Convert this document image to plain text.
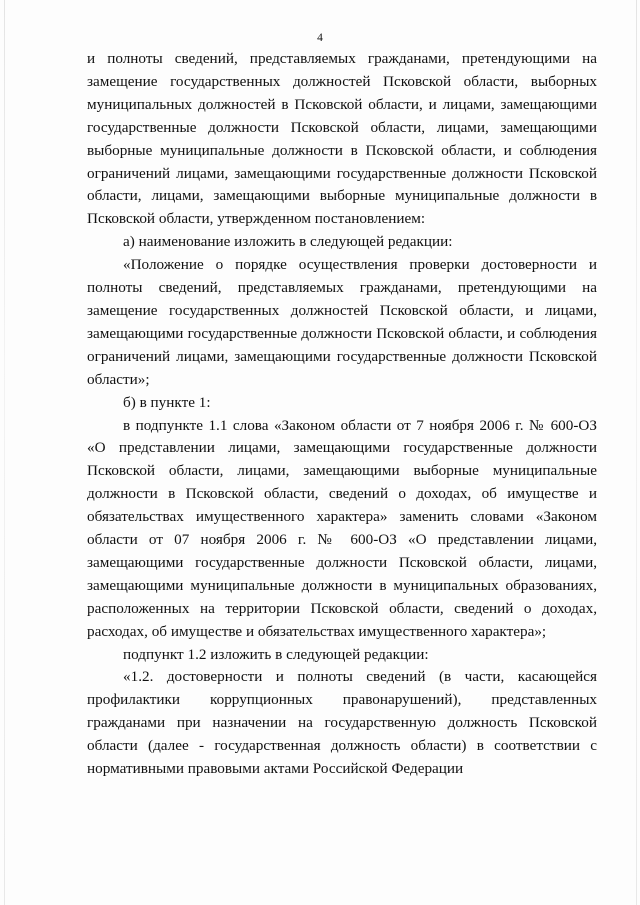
4

и полноты сведений, представляемых гражданами, претендующими на замещение государственных должностей Псковской области, выборных муниципальных должностей в Псковской области, и лицами, замещающими государственные должности Псковской области, лицами, замещающими выборные муниципальные должности в Псковской области, и соблюдения ограничений лицами, замещающими государственные должности Псковской области, лицами, замещающими выборные муниципальные должности в Псковской области, утвержденном постановлением:

а) наименование изложить в следующей редакции:

«Положение о порядке осуществления проверки достоверности и полноты сведений, представляемых гражданами, претендующими на замещение государственных должностей Псковской области, и лицами, замещающими государственные должности Псковской области, и соблюдения ограничений лицами, замещающими государственные должности Псковской области»;

б) в пункте 1:

в подпункте 1.1 слова «Законом области от 7 ноября 2006 г. № 600-ОЗ «О представлении лицами, замещающими государственные должности Псковской области, лицами, замещающими выборные муниципальные должности в Псковской области, сведений о доходах, об имуществе и обязательствах имущественного характера» заменить словами «Законом области от 07 ноября 2006 г. № 600-ОЗ «О представлении лицами, замещающими государственные должности Псковской области, лицами, замещающими муниципальные должности в муниципальных образованиях, расположенных на территории Псковской области, сведений о доходах, расходах, об имуществе и обязательствах имущественного характера»;

подпункт 1.2 изложить в следующей редакции:

«1.2. достоверности и полноты сведений (в части, касающейся профилактики коррупционных правонарушений), представленных гражданами при назначении на государственную должность Псковской области (далее - государственная должность области) в соответствии с нормативными правовыми актами Российской Федерации
